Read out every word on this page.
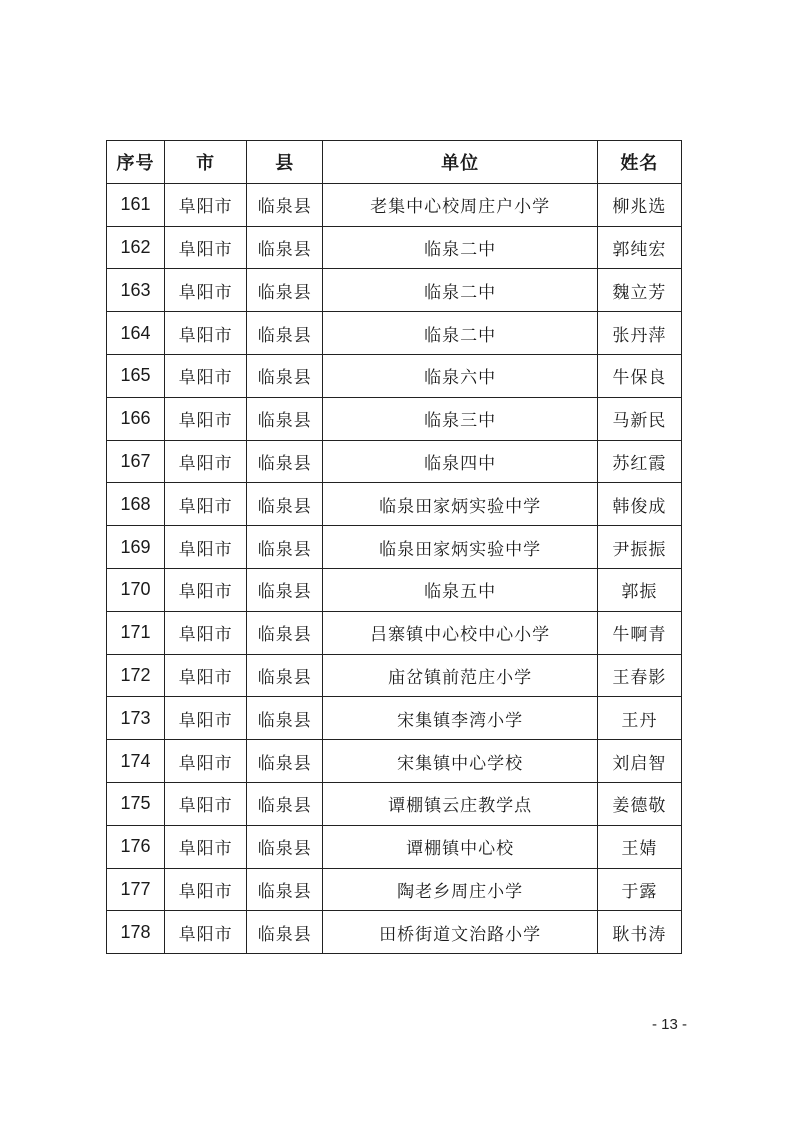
序号	市	县	单位	姓名
161	阜阳市	临泉县	老集中心校周庄户小学	柳兆选
162	阜阳市	临泉县	临泉二中	郭纯宏
163	阜阳市	临泉县	临泉二中	魏立芳
164	阜阳市	临泉县	临泉二中	张丹萍
165	阜阳市	临泉县	临泉六中	牛保良
166	阜阳市	临泉县	临泉三中	马新民
167	阜阳市	临泉县	临泉四中	苏红霞
168	阜阳市	临泉县	临泉田家炳实验中学	韩俊成
169	阜阳市	临泉县	临泉田家炳实验中学	尹振振
170	阜阳市	临泉县	临泉五中	郭振
171	阜阳市	临泉县	吕寨镇中心校中心小学	牛啊青
172	阜阳市	临泉县	庙岔镇前范庄小学	王春影
173	阜阳市	临泉县	宋集镇李湾小学	王丹
174	阜阳市	临泉县	宋集镇中心学校	刘启智
175	阜阳市	临泉县	谭棚镇云庄教学点	姜德敬
176	阜阳市	临泉县	谭棚镇中心校	王婧
177	阜阳市	临泉县	陶老乡周庄小学	于露
178	阜阳市	临泉县	田桥街道文治路小学	耿书涛
- 13 -
